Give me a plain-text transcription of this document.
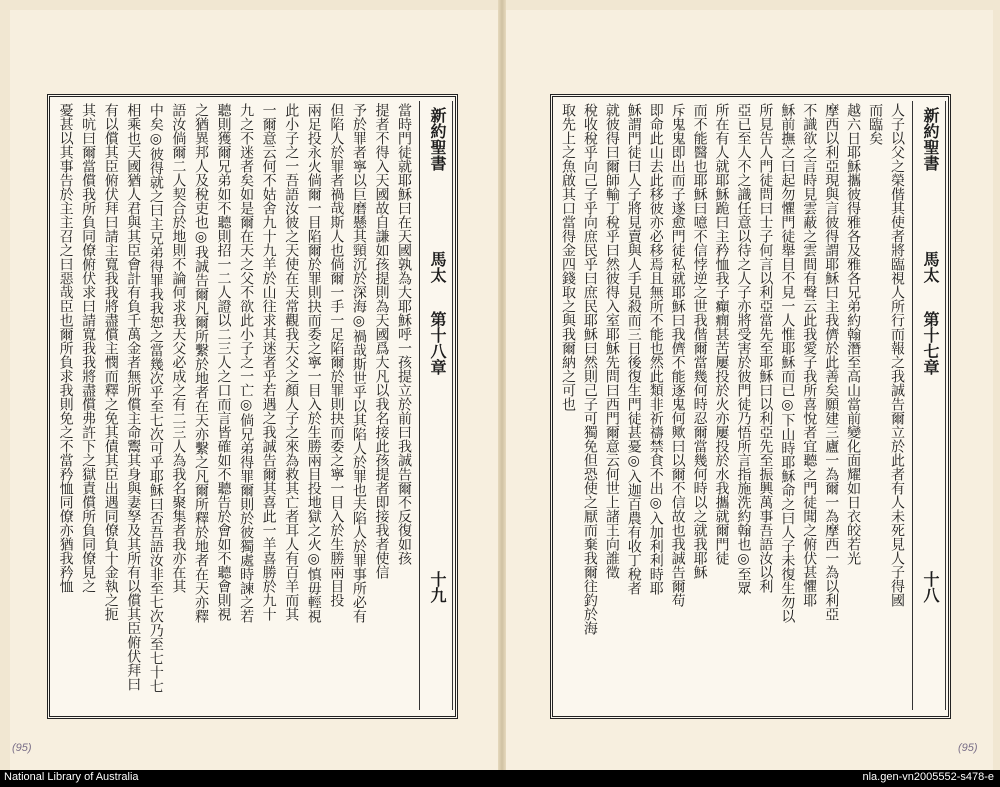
新約聖書
馬太
第十八章
十九
當時門徒就耶穌曰在天國孰為大耶穌呼一孩提立於前曰我誠告爾不反復如孩
提者不得入天國故自謙如孩提則為天國爲大凡以我名接此孩提者即接我者使信
予於罪者寧以巨磨懸其頸沉於深海◎禍哉斯世乎以其陷人於罪也夫陷人於罪事所必有
但陷人於罪者禍哉斯人也倘爾一手一足陷爾於罪則抉而委之寧一目入於生勝兩目投
兩足投永火倘爾一目陷爾於罪則抉而委之寧一目入於生勝兩目投地獄之火◎慎毋輕視
此小子之一吾語汝彼之天使在天常觀我天父之顏人子之來為救其亡者耳人有百羊而其
一爾意云何不姑舍九十九羊於山往求其迷者乎若遇之我誠告爾其喜此一羊喜勝於九十
九之不迷者矣如是爾在天之父不欲此小子之一亡◎倘兄弟得罪爾則於彼獨處時諫之若
聽則獲爾兄弟如不聽則招一二人證以二三人之口而言皆確如不聽告於會如不聽會則視
之猶異邦人及稅吏也◎我誠告爾凡爾所繫於地者在天亦繫之凡爾所釋於地者在天亦釋
語汝倘爾二人契合於地則不論何求我天父必成之有二三人為我名聚集者我亦在其
中矣◎彼得就之曰主兄弟得罪我我恕之當幾次乎至七次可乎耶穌曰否吾語汝非至七次乃至七十七
相乘也天國猶人君與其臣會計有負千萬金者無所償主命鬻其身與妻孥及其所有以償其臣俯伏拜曰
有以償其臣俯伏拜曰請主寬我我將盡償主憫而釋之免其債其臣出遇同僚負十金執之扼
其吭曰爾當償我所負同僚俯伏求曰請寬我我將盡償弗許下之獄責償所負同僚見之
憂甚以其事告於主主召之曰惡哉臣也爾所負求我則免之不當矜恤同僚亦猶我矜恤	新約聖書
馬太
第十七章
十八
人子以父之榮偕其使者將臨視人所行而報之我誠告爾立於此者有人未死見人子得國
而臨矣
越六日耶穌攜彼得雅各及雅各兄弟約翰潛至高山當前變化面耀如日衣皎若光
摩西以利亞現與言彼得謂耶穌曰主我儕於此善矣願建三廬一為爾一為摩西一為以利亞
不識欲之言時見雲蔽之雲間有聲云此我愛子我所喜悅者宜聽之門徒聞之俯伏甚懼耶
穌前撫之曰起勿懼門徒舉目不見一人惟耶穌而已◎下山時耶穌命之曰人子未復生勿以
所見告人門徒問曰士子何言以利亞當先至耶穌曰以利亞先至振興萬事吾語汝以利
亞已至人不之識任意以待之人子亦將受害於彼門徒乃悟所言指施洗約翰也◎至眾
所在有人就耶穌跪曰主矜恤我子癲癇甚苦屢投於火亦屢投於水我攜就爾門徒
而不能醫也耶穌曰噫不信悖逆之世我偕爾當幾何時忍爾當幾何時以之就我耶穌
斥鬼鬼即出而子遂愈門徒私就耶穌曰我儕不能逐鬼何歟曰以爾不信故也我誠告爾苟
即命此山去此移彼亦必移焉且無所不能也然此類非祈禱禁食不出◎入加利利時耶
穌謂門徒曰人子將見賣與人手見殺而三日後復生門徒甚憂◎入迦百農有收丁稅者
就彼得曰爾師輸丁稅乎曰然彼得入室耶穌先問曰西門爾意云何世上諸王向誰徵
稅收稅乎向己子乎向庶民乎曰庶民耶穌曰然則己子可獨免但恐使之厭而棄我爾往釣於海
取先上之魚啟其口當得金四錢取之與我爾納之可也
(95)	(95)
National Library of Australia	nla.gen-vn2005552-s478-e
